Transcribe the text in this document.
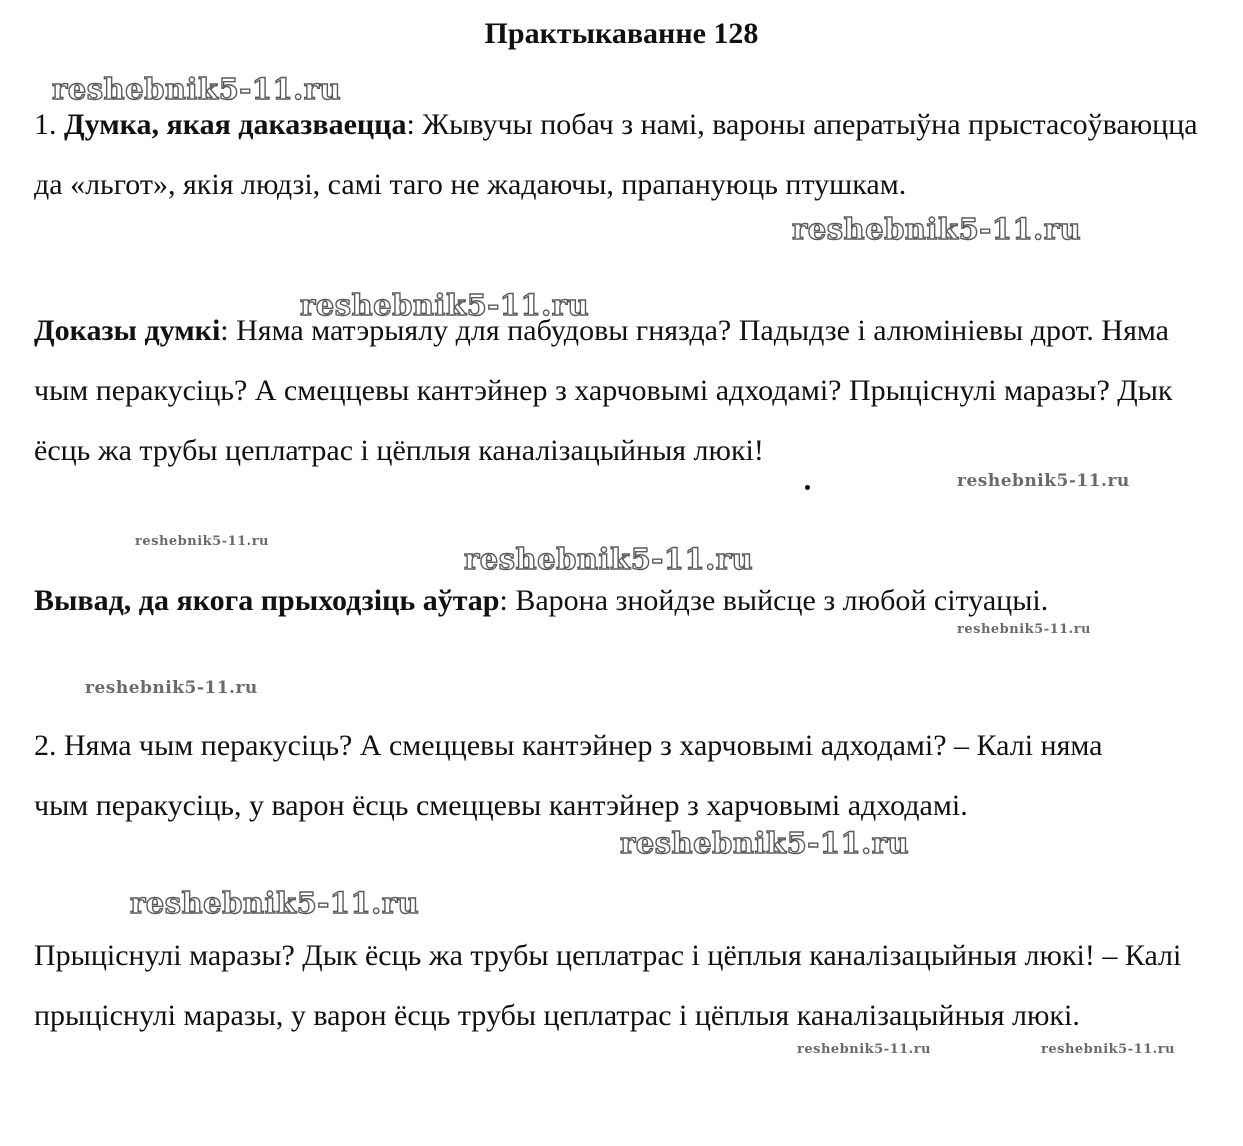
Практыкаванне 128

1. Думка, якая даказваецца: Жывучы побач з намі, вароны апeратыўна прыстасоўваюцца да «льгот», якія людзі, самі таго не жадаючы, прапануюць птушкам.

Доказы думкі: Няма матэрыялу для пабудовы гнязда? Падыдзе і алюмініевы дрот. Няма чым перакусіць? А смеццевы кантэйнер з харчовымі адходамі? Прыціснулі маразы? Дык ёсць жа трубы цеплатрас і цёплыя каналізацыйныя люкі!

Вывад, да якога прыходзіць аўтар: Варона знойдзе выйсце з любой сітуацыі.

2. Няма чым перакусіць? А смеццевы кантэйнер з харчовымі адходамі? – Калі няма чым перакусіць, у варон ёсць смеццевы кантэйнер з харчовымі адходамі.

Прыціснулі маразы? Дык ёсць жа трубы цеплатрас і цёплыя каналізацыйныя люкі! – Калі прыціснулі маразы, у варон ёсць трубы цеплатрас і цёплыя каналізацыйныя люкі.

reshebnik5-11.ru
reshebnik5-11.ru
reshebnik5-11.ru
reshebnik5-11.ru
reshebnik5-11.ru
reshebnik5-11.ru
reshebnik5-11.ru
reshebnik5-11.ru
reshebnik5-11.ru
reshebnik5-11.ru
reshebnik5-11.ru	reshebnik5-11.ru
